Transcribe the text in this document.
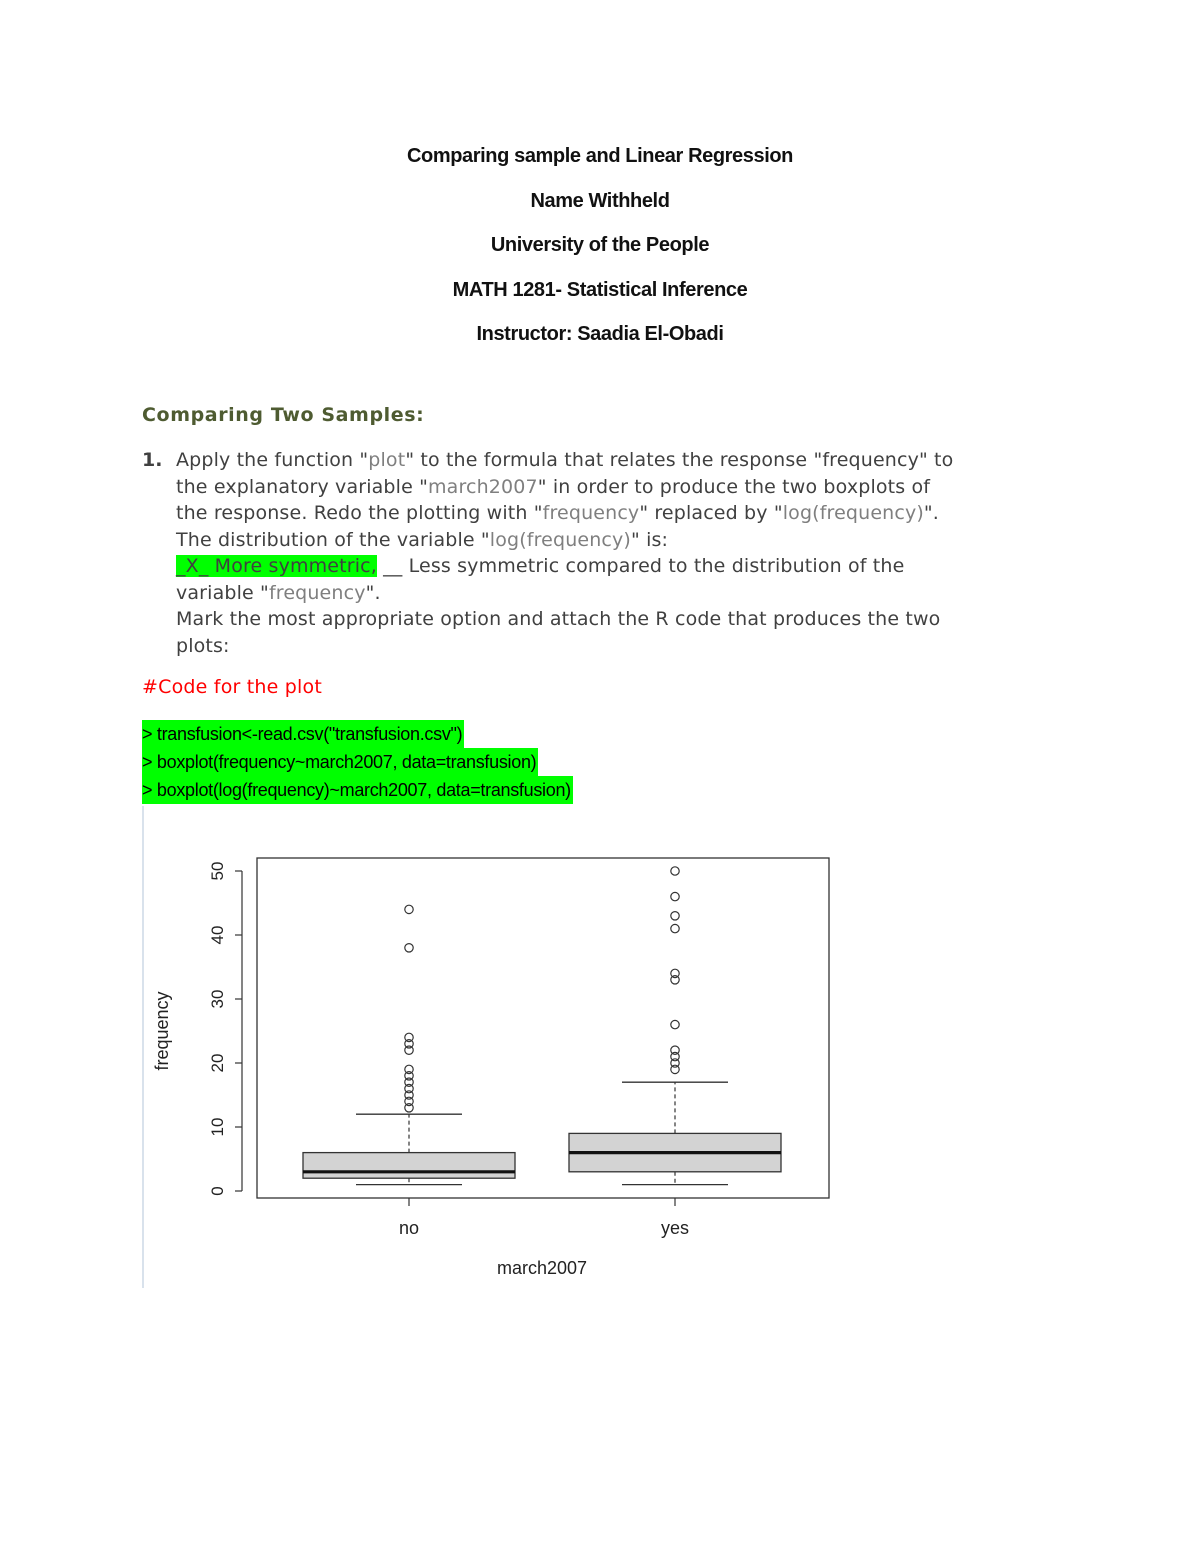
Comparing sample and Linear Regression
Name Withheld
University of the People
MATH 1281- Statistical Inference
Instructor: Saadia El-Obadi
Comparing Two Samples:
1. Apply the function "plot" to the formula that relates the response "frequency" to
the explanatory variable "march2007" in order to produce the two boxplots of
the response. Redo the plotting with "frequency" replaced by "log(frequency)".
The distribution of the variable "log(frequency)" is:
_X_ More symmetric, __ Less symmetric compared to the distribution of the
variable "frequency".
Mark the most appropriate option and attach the R code that produces the two
plots:
#Code for the plot
> transfusion<-read.csv("transfusion.csv")
> boxplot(frequency~march2007, data=transfusion)
> boxplot(log(frequency)~march2007, data=transfusion)
0
10
20
30
40
50
frequency
no	yes
march2007
